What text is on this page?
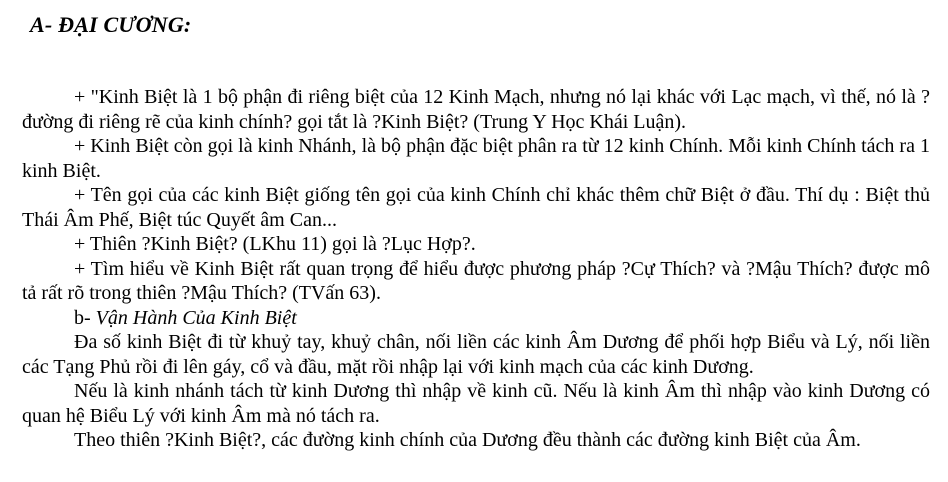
A- ĐẠI CƯƠNG:

+ "Kinh Biệt là 1 bộ phận đi riêng biệt của 12 Kinh Mạch, nhưng nó lại khác với Lạc mạch, vì thế, nó là ?đường đi riêng rẽ của kinh chính? gọi tắt là ?Kinh Biệt? (Trung Y Học Khái Luận).

+ Kinh Biệt còn gọi là kinh Nhánh, là bộ phận đặc biệt phân ra từ 12 kinh Chính. Mỗi kinh Chính tách ra 1 kinh Biệt.

+ Tên gọi của các kinh Biệt giống tên gọi của kinh Chính chỉ khác thêm chữ Biệt ở đầu. Thí dụ : Biệt thủ Thái Âm Phế, Biệt túc Quyết âm Can...

+ Thiên ?Kinh Biệt? (LKhu 11) gọi là ?Lục Hợp?.

+ Tìm hiểu về Kinh Biệt rất quan trọng để hiểu được phương pháp ?Cự Thích? và ?Mậu Thích? được mô tả rất rõ trong thiên ?Mậu Thích? (TVấn 63).

b- Vận Hành Của Kinh Biệt

Đa số kinh Biệt đi từ khuỷ tay, khuỷ chân, nối liền các kinh Âm Dương để phối hợp Biểu và Lý, nối liền các Tạng Phủ rồi đi lên gáy, cổ và đầu, mặt rồi nhập lại với kinh mạch của các kinh Dương.

Nếu là kinh nhánh tách từ kinh Dương thì nhập về kinh cũ. Nếu là kinh Âm thì nhập vào kinh Dương có quan hệ Biểu Lý với kinh Âm mà nó tách ra.

Theo thiên ?Kinh Biệt?, các đường kinh chính của Dương đều thành các đường kinh Biệt của Âm.
